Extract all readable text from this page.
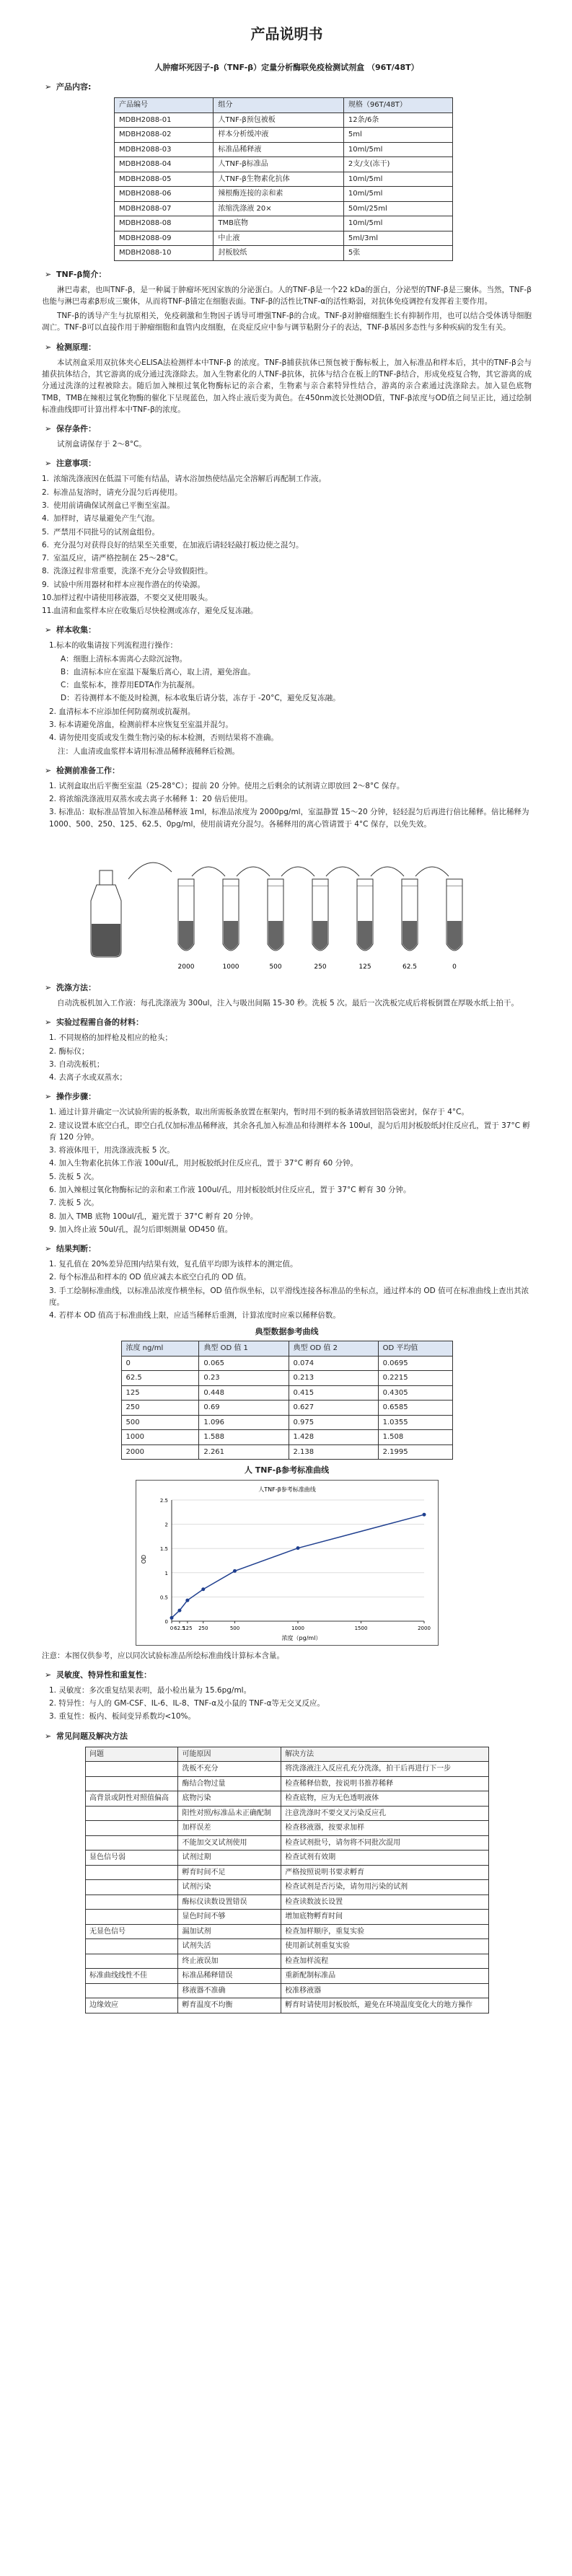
产品说明书
人肿瘤坏死因子-β（TNF-β）定量分析酶联免疫检测试剂盒 （96T/48T）
➢ 产品内容:
产品编号	组分	规格（96T/48T）
MDBH2088-01	人TNF-β预包被板	12条/6条
MDBH2088-02	样本分析缓冲液	5ml
MDBH2088-03	标准品稀释液	10ml/5ml
MDBH2088-04	人TNF-β标准品	2支/支(冻干)
MDBH2088-05	人TNF-β生物素化抗体	10ml/5ml
MDBH2088-06	辣根酶连接的亲和素	10ml/5ml
MDBH2088-07	浓缩洗涤液 20×	50ml/25ml
MDBH2088-08	TMB底物	10ml/5ml
MDBH2088-09	中止液	5ml/3ml
MDBH2088-10	封板胶纸	5张
➢ TNF-β简介：
淋巴毒素，也叫TNF-β，是一种属于肿瘤坏死因家族的分泌蛋白。人的TNF-β是一个22 kDa的蛋白，分泌型的TNF-β是三聚体。当然，TNF-β也能与淋巴毒素β形成三聚体，从而将TNF-β锚定在细胞表面。TNF-β的活性比TNF-α的活性略弱，对抗体免疫调控有发挥着主要作用。
TNF-β的诱导产生与抗原相关，免疫刺激和生物因子诱导可增强TNF-β的合成。TNF-β对肿瘤细胞生长有抑制作用，也可以结合受体诱导细胞凋亡。TNF-β可以直接作用于肿瘤细胞和血管内皮细胞，在炎症反应中参与调节粘附分子的表达，TNF-β基因多态性与多种疾病的发生有关。
➢ 检测原理：
本试剂盒采用双抗体夹心ELISA法检测样本中TNF-β 的浓度。TNF-β捕获抗体已预包被于酶标板上，加入标准品和样本后，其中的TNF-β会与捕获抗体结合，其它游离的成分通过洗涤除去。加入生物素化的人TNF-β抗体，抗体与结合在板上的TNF-β结合，形成免疫复合物，其它游离的成分通过洗涤的过程被除去。随后加入辣根过氧化物酶标记的亲合素，生物素与亲合素特异性结合，游离的亲合素通过洗涤除去。加入显色底物TMB，TMB在辣根过氧化物酶的催化下呈现蓝色，加入终止液后变为黄色。在450nm波长处测OD值，TNF-β浓度与OD值之间呈正比，通过绘制标准曲线即可计算出样本中TNF-β的浓度。
➢ 保存条件：
试剂盒请保存于 2～8°C。
➢ 注意事项：
1. 浓缩洗涤液因在低温下可能有结晶，请水浴加热使结晶完全溶解后再配制工作液。
2. 标准品复溶时，请充分混匀后再使用。
3. 使用前请确保试剂盒已平衡至室温。
4. 加样时，请尽量避免产生气泡。
5. 严禁用不同批号的试剂盒组份。
6. 充分混匀对获得良好的结果至关重要，在加液后请轻轻敲打板边使之混匀。
7. 室温反应，请严格控制在 25～28°C。
8. 洗涤过程非常重要，洗涤不充分会导致假阳性。
9. 试验中所用器材和样本应视作潜在的传染源。
10.加样过程中请使用移液器，不要交叉使用吸头。
11.血清和血浆样本应在收集后尽快检测或冻存，避免反复冻融。
➢ 样本收集：
1.标本的收集请按下列流程进行操作：
A：细胞上清标本需离心去除沉淀物。
B：血清标本应在室温下凝集后离心，取上清，避免溶血。
C：血浆标本，推荐用EDTA作为抗凝剂。
D：若待测样本不能及时检测，标本收集后请分装，冻存于 -20°C，避免反复冻融。
2. 血清标本不应添加任何防腐剂或抗凝剂。
3. 标本请避免溶血，检测前样本应恢复至室温并混匀。
4. 请勿使用变质或发生微生物污染的标本检测，否则结果将不准确。
注：人血清或血浆样本请用标准品稀释液稀释后检测。
➢ 检测前准备工作：
1. 试剂盒取出后平衡至室温（25-28°C）；提前 20 分钟。使用之后剩余的试剂请立即放回 2～8°C 保存。
2. 将浓缩洗涤液用双蒸水或去离子水稀释 1：20 倍后使用。
3. 标准品：取标准品管加入标准品稀释液 1ml，标准品浓度为 2000pg/ml，室温静置 15～20 分钟，轻轻混匀后再进行倍比稀释。倍比稀释为 1000、500、250、125、62.5、0pg/ml，使用前请充分混匀。各稀释用的离心管请置于 4°C 保存，以免失效。
2000	1000	500	250	125	62.5	0
➢ 洗涤方法：
自动洗板机加入工作液：每孔洗涤液为 300ul，注入与吸出间隔 15-30 秒。洗板 5 次。最后一次洗板完成后将板倒置在厚吸水纸上拍干。
➢ 实验过程需自备的材料：
1. 不同规格的加样枪及相应的枪头；
2. 酶标仪；
3. 自动洗板机；
4. 去离子水或双蒸水；
➢ 操作步骤：
1. 通过计算并确定一次试验所需的板条数，取出所需板条放置在框架内，暂时用不到的板条请放回铝箔袋密封，保存于 4°C。
2. 建议设置本底空白孔，即空白孔仅加标准品稀释液，其余各孔加入标准品和待测样本各 100ul，混匀后用封板胶纸封住反应孔，置于 37°C 孵育 120 分钟。
3. 将液体甩干，用洗涤液洗板 5 次。
4. 加入生物素化抗体工作液 100ul/孔，用封板胶纸封住反应孔，置于 37°C 孵育 60 分钟。
5. 洗板 5 次。
6. 加入辣根过氧化物酶标记的亲和素工作液 100ul/孔，用封板胶纸封住反应孔，置于 37°C 孵育 30 分钟。
7. 洗板 5 次。
8. 加入 TMB 底物 100ul/孔，避光置于 37°C 孵育 20 分钟。
9. 加入终止液 50ul/孔，混匀后即刻测量 OD450 值。
➢ 结果判断：
1. 复孔值在 20%差异范围内结果有效，复孔值平均即为该样本的测定值。
2. 每个标准品和样本的 OD 值应减去本底空白孔的 OD 值。
3. 手工绘制标准曲线，以标准品浓度作横坐标，OD 值作纵坐标，以平滑线连接各标准品的坐标点，通过样本的 OD 值可在标准曲线上查出其浓度。
4. 若样本 OD 值高于标准曲线上限，应适当稀释后重测，计算浓度时应乘以稀释倍数。
典型数据参考曲线
浓度 ng/ml	典型 OD 值 1	典型 OD 值 2	OD 平均值
0	0.065	0.074	0.0695
62.5	0.23	0.213	0.2215
125	0.448	0.415	0.4305
250	0.69	0.627	0.6585
500	1.096	0.975	1.0355
1000	1.588	1.428	1.508
2000	2.261	2.138	2.1995
人 TNF-β参考标准曲线
人TNF-β参考标准曲线
0
0.5
1
1.5
2
2.5
0 62.5
125 250	500	1000	1500	2000
浓度（pg/ml）
OD
注意：本图仅供参考，应以同次试验标准品所绘标准曲线计算标本含量。
➢ 灵敏度、特异性和重复性：
1. 灵敏度：多次重复结果表明，最小检出量为 15.6pg/ml。
2. 特异性：与人的 GM-CSF、IL-6、IL-8、TNF-α及小鼠的 TNF-α等无交叉反应。
3. 重复性：板内、板间变异系数均<10%。
➢ 常见问题及解决方法
问题	可能原因	解决方法
	洗板不充分	将洗涤液注入反应孔充分洗涤，拍干后再进行下一步
	酶结合物过量	检查稀释倍数，按说明书推荐稀释
高背景或阴性对照值偏高	底物污染	检查底物，应为无色透明液体
	阳性对照/标准品未正确配制	注意洗涤时不要交叉污染反应孔
	加样误差	检查移液器，按要求加样
	不能加交叉试剂使用	检查试剂批号，请勿将不同批次混用
显色信号弱	试剂过期	检查试剂有效期
	孵育时间不足	严格按照说明书要求孵育
	试剂污染	检查试剂是否污染，请勿用污染的试剂
	酶标仪读数设置错误	检查读数波长设置
	显色时间不够	增加底物孵育时间
无显色信号	漏加试剂	检查加样顺序，重复实验
	试剂失活	使用新试剂重复实验
	终止液误加	检查加样流程
标准曲线线性不佳	标准品稀释错误	重新配制标准品
	移液器不准确	校准移液器
边缘效应	孵育温度不均衡	孵育时请使用封板胶纸，避免在环境温度变化大的地方操作
